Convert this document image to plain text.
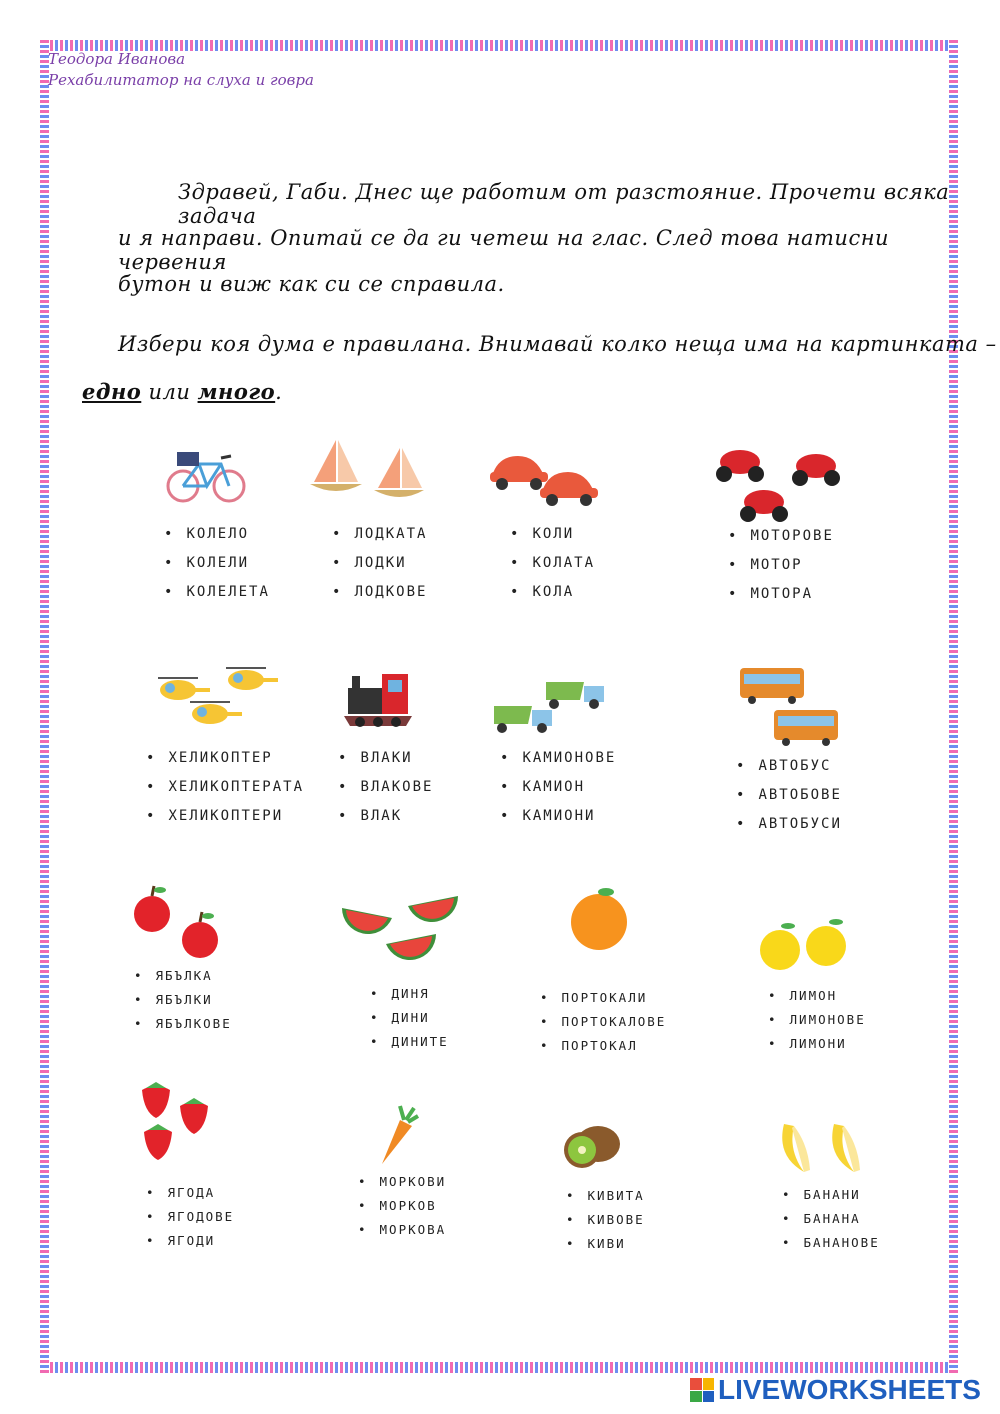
Теодора Иванова
Рехабилитатор на слуха и говра
Здравей, Габи. Днес ще работим от разстояние. Прочети всяка задача
и я направи. Опитай се да ги четеш на глас. След това натисни червения
бутон и виж как си се справила.
Избери коя дума е правилана. Внимавай колко неща има на картинката –
едно или много.
• КОЛЕЛО
• КОЛЕЛИ
• КОЛЕЛЕТА
• ЛОДКАТА
• ЛОДКИ
• ЛОДКОВЕ
• КОЛИ
• КОЛАТА
• КОЛА
• МОТОРОВЕ
• МОТОР
• МОТОРА
• ХЕЛИКОПТЕР
• ХЕЛИКОПТЕРАТА
• ХЕЛИКОПТЕРИ
• ВЛАКИ
• ВЛАКОВЕ
• ВЛАК
• КАМИОНОВЕ
• КАМИОН
• КАМИОНИ
• АВТОБУС
• АВТОБОВЕ
• АВТОБУСИ
• ЯБЪЛКА
• ЯБЪЛКИ
• ЯБЪЛКОВЕ
• ДИНЯ
• ДИНИ
• ДИНИТЕ
• ПОРТОКАЛИ
• ПОРТОКАЛОВЕ
• ПОРТОКАЛ
• ЛИМОН
• ЛИМОНОВЕ
• ЛИМОНИ
• ЯГОДА
• ЯГОДОВЕ
• ЯГОДИ
• МОРКОВИ
• МОРКОВ
• МОРКОВА
• КИВИТА
• КИВОВЕ
• КИВИ
• БАНАНИ
• БАНАНА
• БАНАНОВЕ
LIVEWORKSHEETS
